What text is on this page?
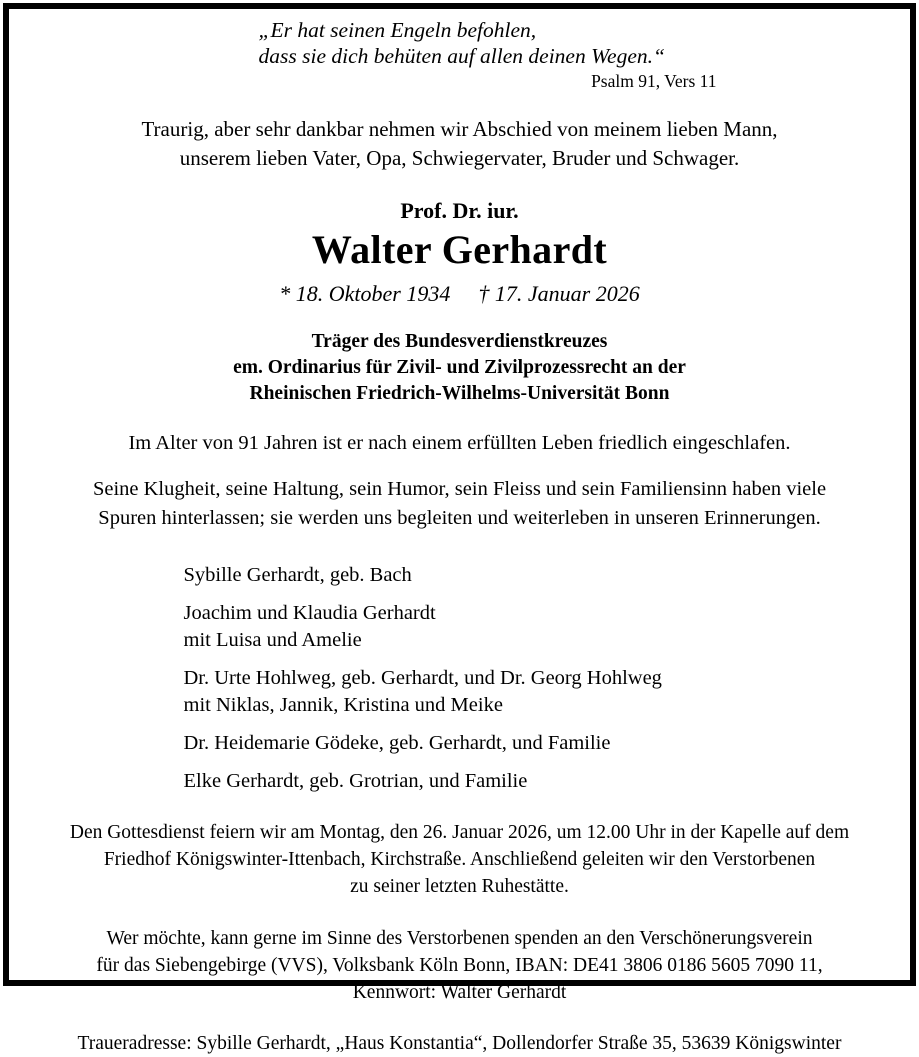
„Er hat seinen Engeln befohlen,
dass sie dich behüten auf allen deinen Wegen.“
Psalm 91, Vers 11
Traurig, aber sehr dankbar nehmen wir Abschied von meinem lieben Mann,
unserem lieben Vater, Opa, Schwiegervater, Bruder und Schwager.
Prof. Dr. iur.
Walter Gerhardt
* 18. Oktober 1934 † 17. Januar 2026
Träger des Bundesverdienstkreuzes
em. Ordinarius für Zivil- und Zivilprozessrecht an der
Rheinischen Friedrich-Wilhelms-Universität Bonn
Im Alter von 91 Jahren ist er nach einem erfüllten Leben friedlich eingeschlafen.
Seine Klugheit, seine Haltung, sein Humor, sein Fleiss und sein Familiensinn haben viele
Spuren hinterlassen; sie werden uns begleiten und weiterleben in unseren Erinnerungen.
Sybille Gerhardt, geb. Bach
Joachim und Klaudia Gerhardt
mit Luisa und Amelie
Dr. Urte Hohlweg, geb. Gerhardt, und Dr. Georg Hohlweg
mit Niklas, Jannik, Kristina und Meike
Dr. Heidemarie Gödeke, geb. Gerhardt, und Familie
Elke Gerhardt, geb. Grotrian, und Familie
Den Gottesdienst feiern wir am Montag, den 26. Januar 2026, um 12.00 Uhr in der Kapelle auf dem
Friedhof Königswinter-Ittenbach, Kirchstraße. Anschließend geleiten wir den Verstorbenen
zu seiner letzten Ruhestätte.
Wer möchte, kann gerne im Sinne des Verstorbenen spenden an den Verschönerungsverein
für das Siebengebirge (VVS), Volksbank Köln Bonn, IBAN: DE41 3806 0186 5605 7090 11,
Kennwort: Walter Gerhardt
Traueradresse: Sybille Gerhardt, „Haus Konstantia“, Dollendorfer Straße 35, 53639 Königswinter
